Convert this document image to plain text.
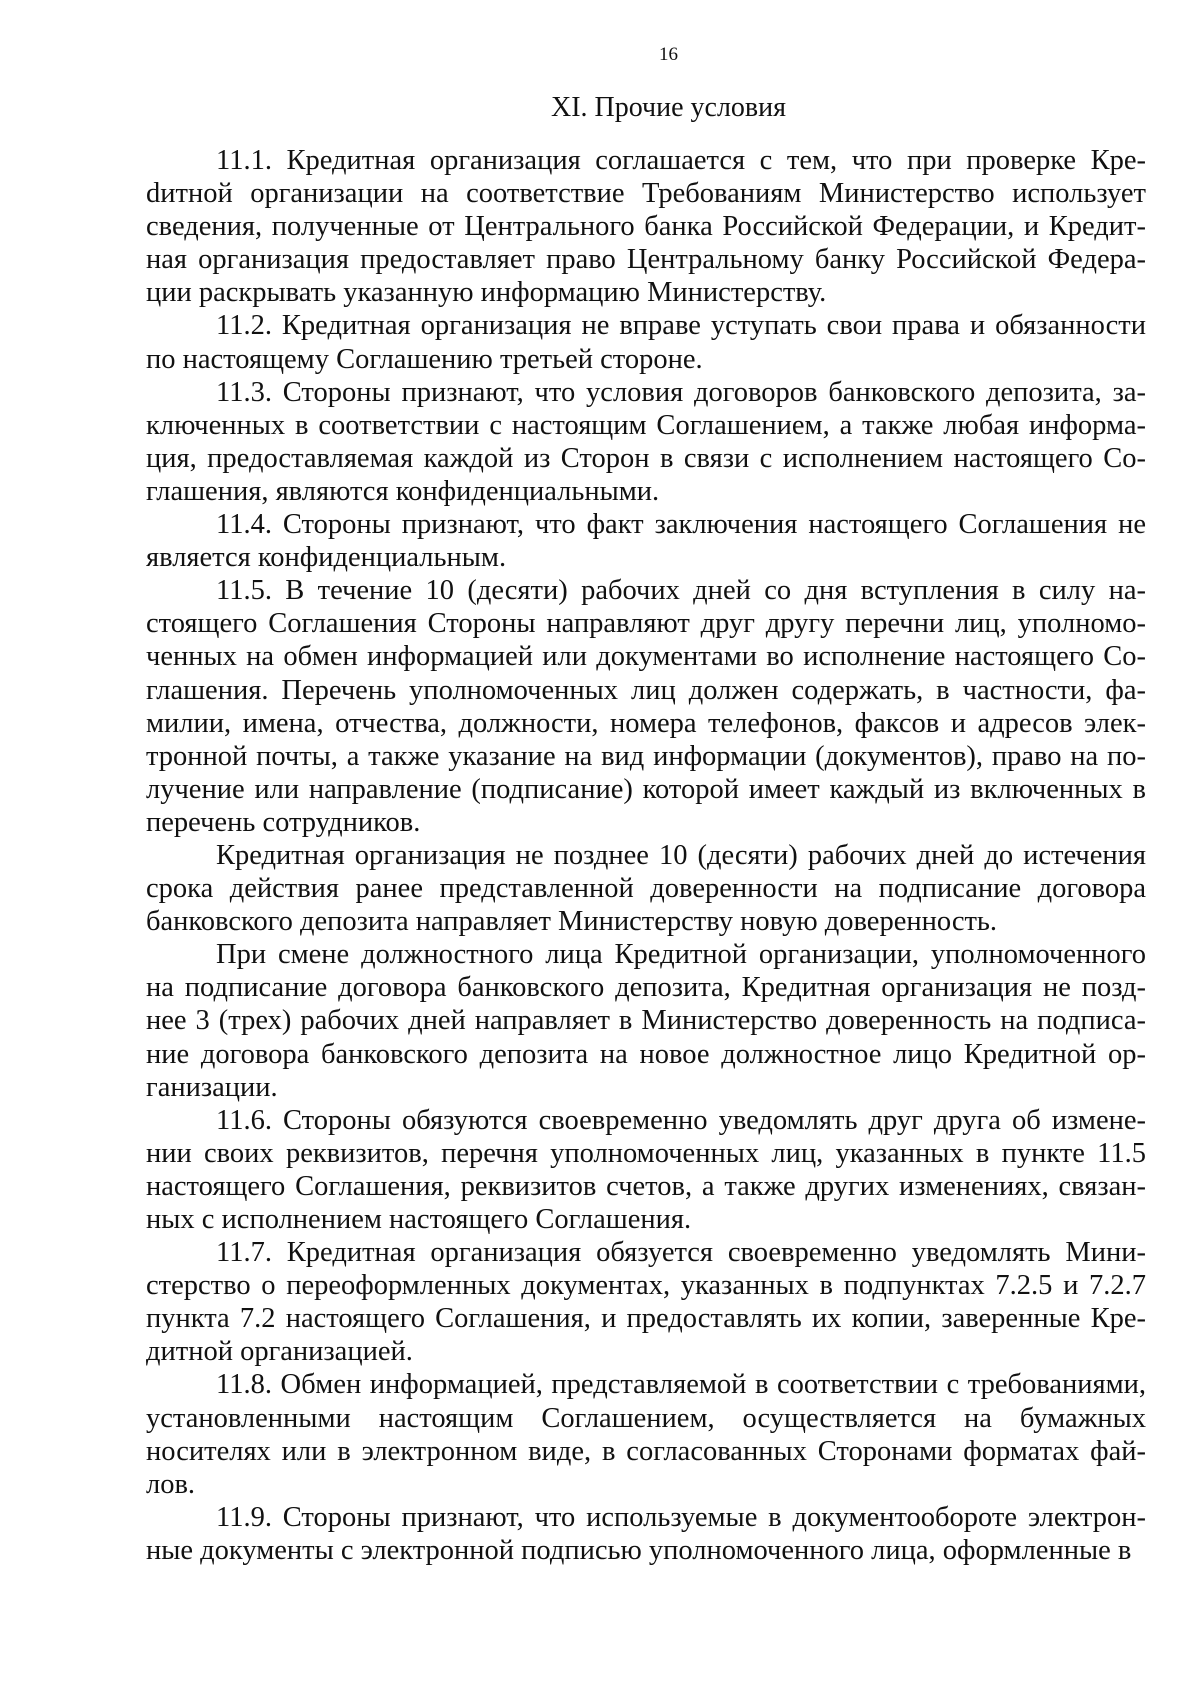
16
XI. Прочие условия

11.1. Кредитная организация соглашается с тем, что при проверке Креdитной организации на соответствие Требованиям Министерство использует сведения, полученные от Центрального банка Российской Федерации, и Кредитная организация предоставляет право Центральному банку Российской Федерации раскрывать указанную информацию Министерству.

11.2. Кредитная организация не вправе уступать свои права и обязанности по настоящему Соглашению третьей стороне.

11.3. Стороны признают, что условия договоров банковского депозита, заключенных в соответствии с настоящим Соглашением, а также любая информация, предоставляемая каждой из Сторон в связи с исполнением настоящего Соглашения, являются конфиденциальными.

11.4. Стороны признают, что факт заключения настоящего Соглашения не является конфиденциальным.

11.5. В течение 10 (десяти) рабочих дней со дня вступления в силу настоящего Соглашения Стороны направляют друг другу перечни лиц, уполномоченных на обмен информацией или документами во исполнение настоящего Соглашения. Перечень уполномоченных лиц должен содержать, в частности, фамилии, имена, отчества, должности, номера телефонов, факсов и адресов электронной почты, а также указание на вид информации (документов), право на получение или направление (подписание) которой имеет каждый из включенных в перечень сотрудников.

Кредитная организация не позднее 10 (десяти) рабочих дней до истечения срока действия ранее представленной доверенности на подписание договора банковского депозита направляет Министерству новую доверенность.

При смене должностного лица Кредитной организации, уполномоченного на подписание договора банковского депозита, Кредитная организация не позднее 3 (трех) рабочих дней направляет в Министерство доверенность на подписание договора банковского депозита на новое должностное лицо Кредитной организации.

11.6. Стороны обязуются своевременно уведомлять друг друга об изменении своих реквизитов, перечня уполномоченных лиц, указанных в пункте 11.5 настоящего Соглашения, реквизитов счетов, а также других изменениях, связанных с исполнением настоящего Соглашения.

11.7. Кредитная организация обязуется своевременно уведомлять Министерство о переоформленных документах, указанных в подпунктах 7.2.5 и 7.2.7 пункта 7.2 настоящего Соглашения, и предоставлять их копии, заверенные Кредитной организацией.

11.8. Обмен информацией, представляемой в соответствии с требованиями, установленными настоящим Соглашением, осуществляется на бумажных носителях или в электронном виде, в согласованных Сторонами форматах файлов.

11.9. Стороны признают, что используемые в документообороте электронные документы с электронной подписью уполномоченного лица, оформленные в
